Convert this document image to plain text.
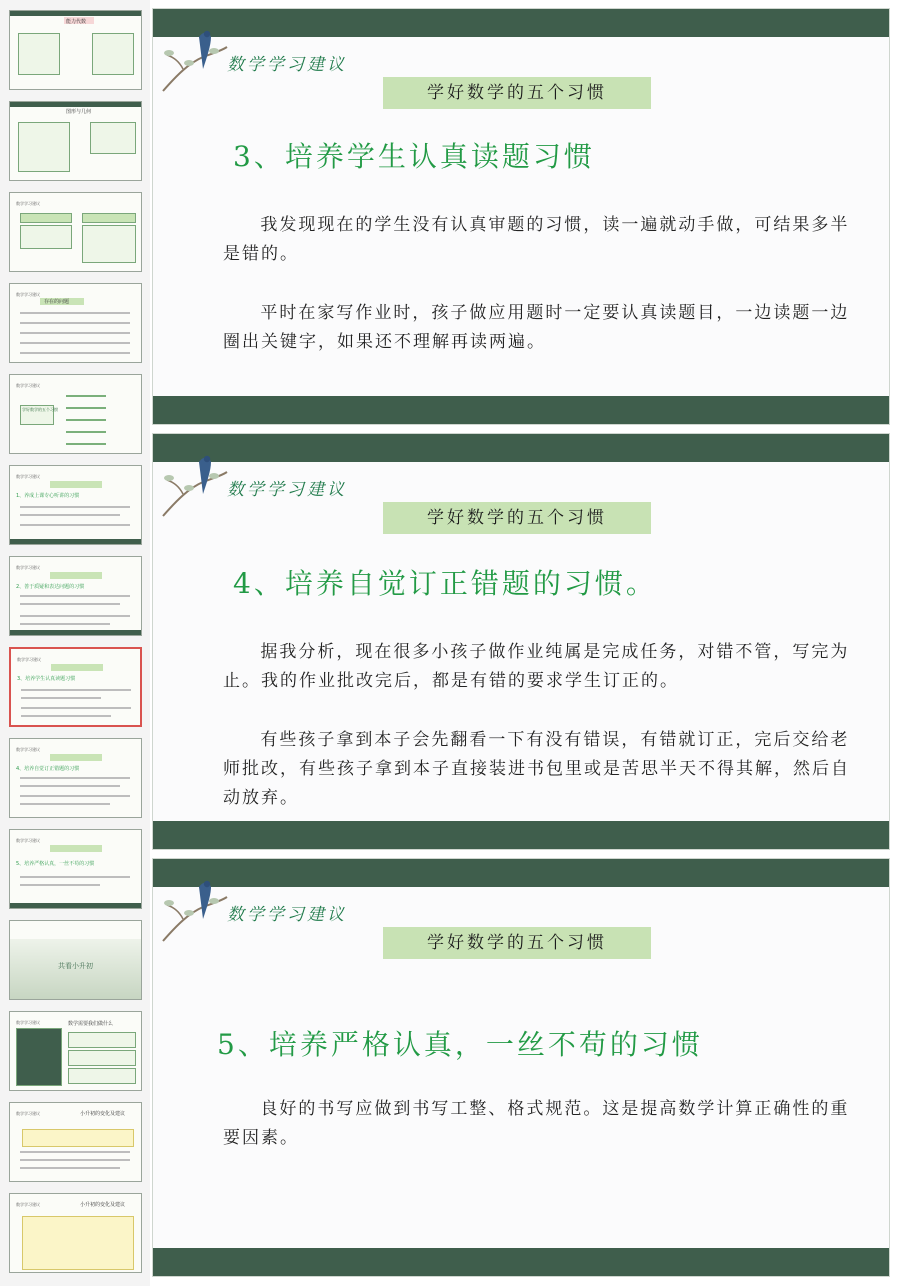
能力代数
图形与几何
数学学习建议
数学学习建议
存在的问题
数学学习建议
学好数学的五个习惯
数学学习建议
1、养成上课专心听讲的习惯
数学学习建议
2、善于质疑和表达问题的习惯
数学学习建议
3、培养学生认真读题习惯
数学学习建议
4、培养自觉订正错题的习惯
数学学习建议
5、培养严格认真，一丝不苟的习惯
共看小升初
数学学习建议	数学需要我们做什么
数学学习建议	小升初的变化及建议
数学学习建议	小升初的变化及建议
数学学习建议
学好数学的五个习惯
3、培养学生认真读题习惯
我发现现在的学生没有认真审题的习惯，读一遍就动手做，可结果多半是错的。
平时在家写作业时，孩子做应用题时一定要认真读题目，一边读题一边圈出关键字，如果还不理解再读两遍。
数学学习建议
学好数学的五个习惯
4、培养自觉订正错题的习惯。
据我分析，现在很多小孩子做作业纯属是完成任务，对错不管，写完为止。我的作业批改完后，都是有错的要求学生订正的。
有些孩子拿到本子会先翻看一下有没有错误，有错就订正，完后交给老师批改，有些孩子拿到本子直接装进书包里或是苦思半天不得其解，然后自动放弃。
数学学习建议
学好数学的五个习惯
5、培养严格认真，一丝不苟的习惯
良好的书写应做到书写工整、格式规范。这是提高数学计算正确性的重要因素。
